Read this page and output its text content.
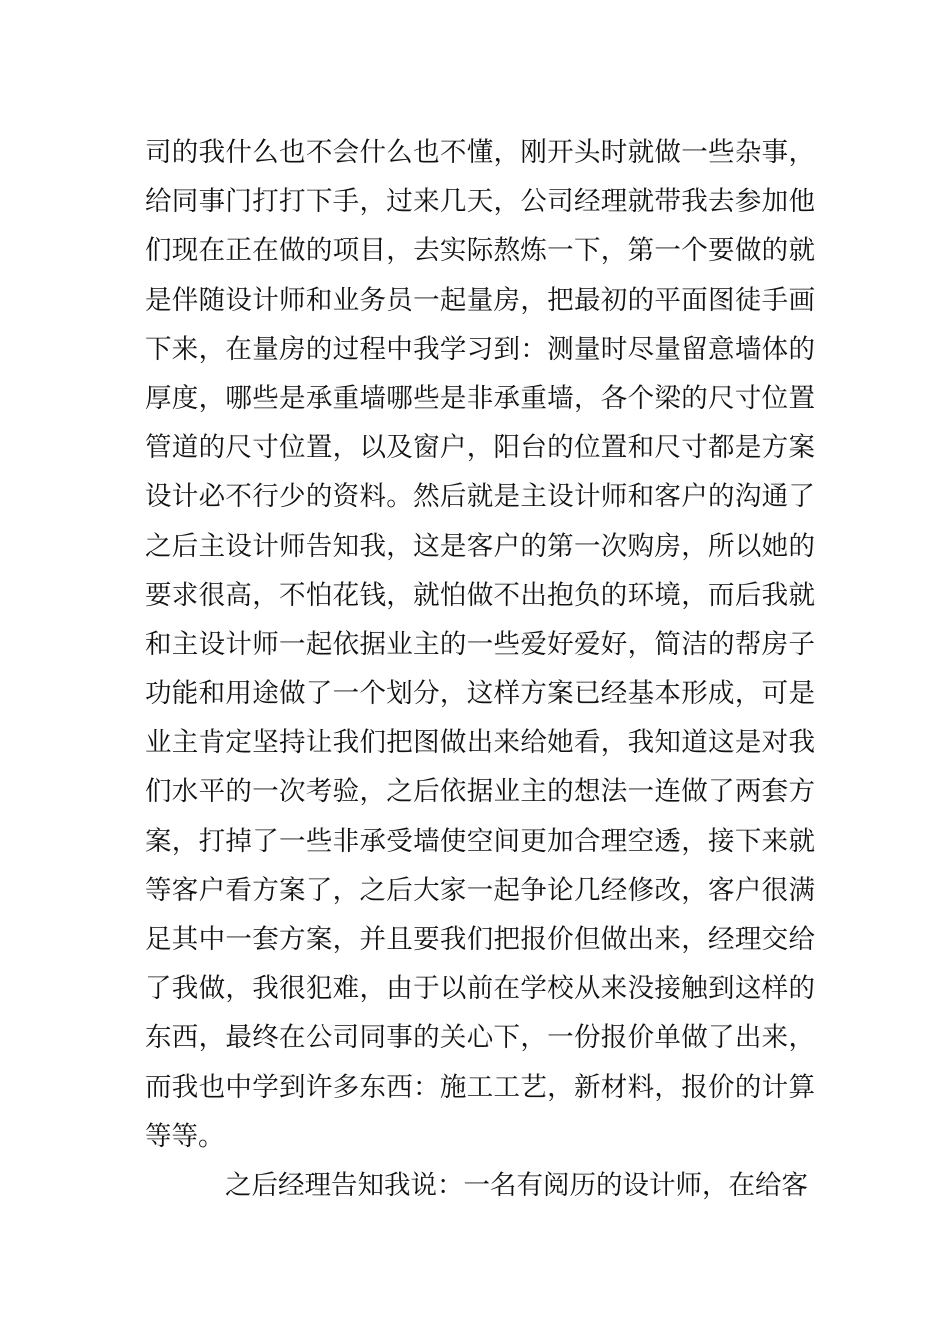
司的我什么也不会什么也不懂，刚开头时就做一些杂事，
给同事门打打下手，过来几天，公司经理就带我去参加他
们现在正在做的项目，去实际熬炼一下，第一个要做的就
是伴随设计师和业务员一起量房，把最初的平面图徒手画
下来，在量房的过程中我学习到：测量时尽量留意墙体的
厚度，哪些是承重墙哪些是非承重墙，各个梁的尺寸位置
管道的尺寸位置，以及窗户，阳台的位置和尺寸都是方案
设计必不行少的资料。然后就是主设计师和客户的沟通了
之后主设计师告知我，这是客户的第一次购房，所以她的
要求很高，不怕花钱，就怕做不出抱负的环境，而后我就
和主设计师一起依据业主的一些爱好爱好，简洁的帮房子
功能和用途做了一个划分，这样方案已经基本形成，可是
业主肯定坚持让我们把图做出来给她看，我知道这是对我
们水平的一次考验，之后依据业主的想法一连做了两套方
案，打掉了一些非承受墙使空间更加合理空透，接下来就
等客户看方案了，之后大家一起争论几经修改，客户很满
足其中一套方案，并且要我们把报价但做出来，经理交给
了我做，我很犯难，由于以前在学校从来没接触到这样的
东西，最终在公司同事的关心下，一份报价单做了出来，
而我也中学到许多东西：施工工艺，新材料，报价的计算
等等。
之后经理告知我说：一名有阅历的设计师，在给客
